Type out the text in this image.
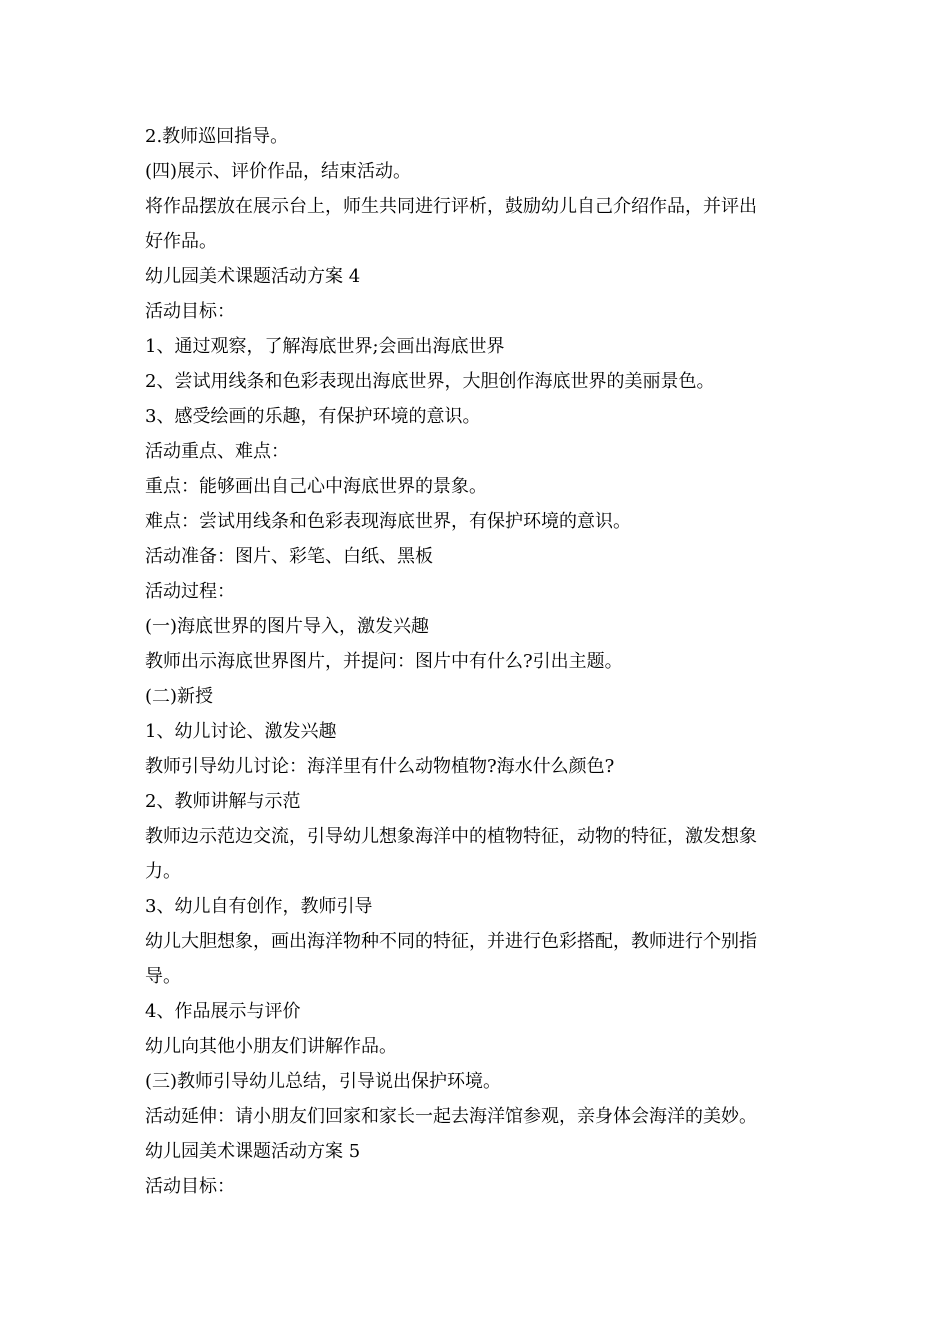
2.教师巡回指导。
(四)展示、评价作品，结束活动。
将作品摆放在展示台上，师生共同进行评析，鼓励幼儿自己介绍作品，并评出
好作品。
幼儿园美术课题活动方案 4
活动目标：
1、通过观察，了解海底世界;会画出海底世界
2、尝试用线条和色彩表现出海底世界，大胆创作海底世界的美丽景色。
3、感受绘画的乐趣，有保护环境的意识。
活动重点、难点：
重点：能够画出自己心中海底世界的景象。
难点：尝试用线条和色彩表现海底世界，有保护环境的意识。
活动准备：图片、彩笔、白纸、黑板
活动过程：
(一)海底世界的图片导入，激发兴趣
教师出示海底世界图片，并提问：图片中有什么?引出主题。
(二)新授
1、幼儿讨论、激发兴趣
教师引导幼儿讨论：海洋里有什么动物植物?海水什么颜色?
2、教师讲解与示范
教师边示范边交流，引导幼儿想象海洋中的植物特征，动物的特征，激发想象
力。
3、幼儿自有创作，教师引导
幼儿大胆想象，画出海洋物种不同的特征，并进行色彩搭配，教师进行个别指
导。
4、作品展示与评价
幼儿向其他小朋友们讲解作品。
(三)教师引导幼儿总结，引导说出保护环境。
活动延伸：请小朋友们回家和家长一起去海洋馆参观，亲身体会海洋的美妙。
幼儿园美术课题活动方案 5
活动目标：
